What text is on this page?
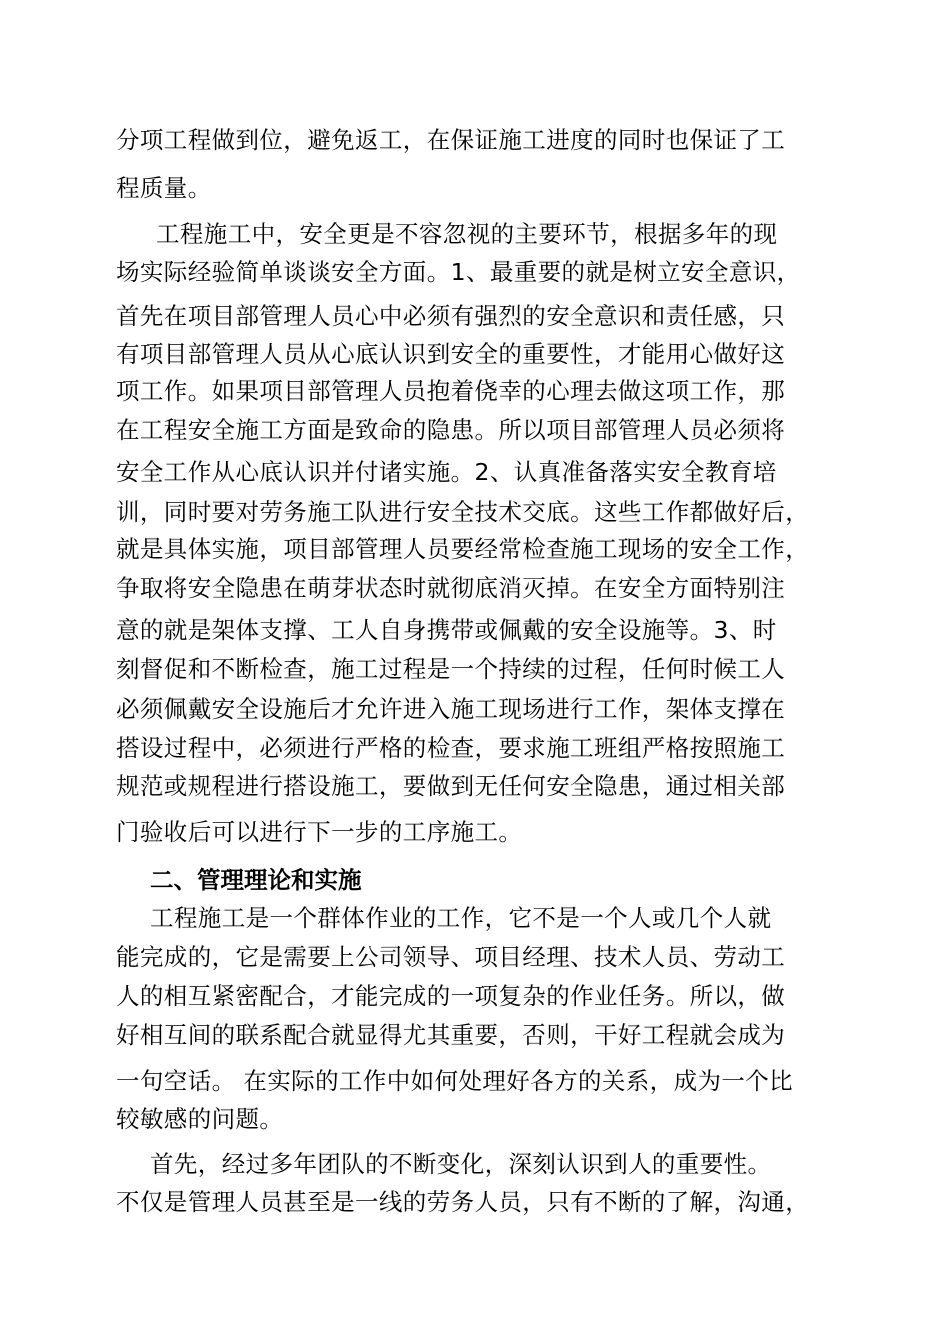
分项工程做到位，避免返工，在保证施工进度的同时也保证了工
程质量。
工程施工中，安全更是不容忽视的主要环节，根据多年的现
场实际经验简单谈谈安全方面。1、最重要的就是树立安全意识，
首先在项目部管理人员心中必须有强烈的安全意识和责任感，只
有项目部管理人员从心底认识到安全的重要性，才能用心做好这
项工作。如果项目部管理人员抱着侥幸的心理去做这项工作，那
在工程安全施工方面是致命的隐患。所以项目部管理人员必须将
安全工作从心底认识并付诸实施。2、认真准备落实安全教育培
训，同时要对劳务施工队进行安全技术交底。这些工作都做好后，
就是具体实施，项目部管理人员要经常检查施工现场的安全工作，
争取将安全隐患在萌芽状态时就彻底消灭掉。在安全方面特别注
意的就是架体支撑、工人自身携带或佩戴的安全设施等。3、时
刻督促和不断检查，施工过程是一个持续的过程，任何时候工人
必须佩戴安全设施后才允许进入施工现场进行工作，架体支撑在
搭设过程中，必须进行严格的检查，要求施工班组严格按照施工
规范或规程进行搭设施工，要做到无任何安全隐患，通过相关部
门验收后可以进行下一步的工序施工。
二、管理理论和实施
工程施工是一个群体作业的工作，它不是一个人或几个人就
能完成的，它是需要上公司领导、项目经理、技术人员、劳动工
人的相互紧密配合，才能完成的一项复杂的作业任务。所以，做
好相互间的联系配合就显得尤其重要，否则，干好工程就会成为
一句空话。 在实际的工作中如何处理好各方的关系，成为一个比
较敏感的问题。
首先，经过多年团队的不断变化，深刻认识到人的重要性。
不仅是管理人员甚至是一线的劳务人员，只有不断的了解，沟通，
